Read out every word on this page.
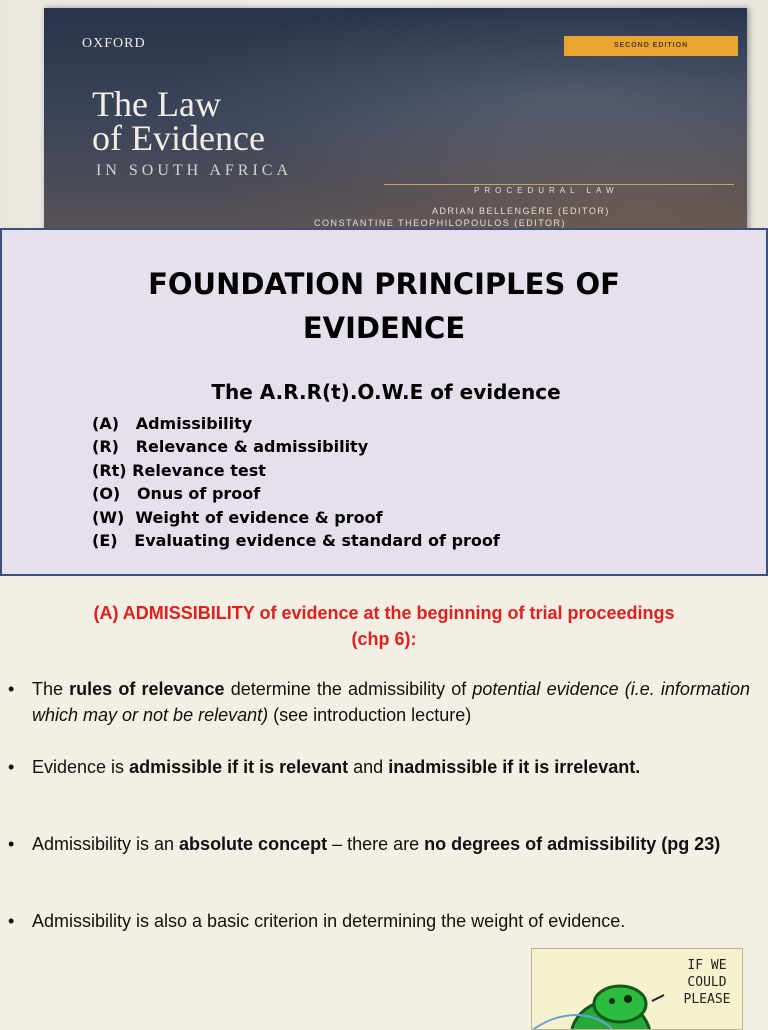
OXFORD	SECOND EDITION
The Law
of Evidence
IN SOUTH AFRICA
PROCEDURAL LAW
ADRIAN BELLENGÈRE (EDITOR)
CONSTANTINE THEOPHILOPOULOS (EDITOR)
FOUNDATION PRINCIPLES OF
EVIDENCE
The A.R.R(t).O.W.E of evidence
(A)   Admissibility
(R)   Relevance & admissibility
(Rt) Relevance test
(O)   Onus of proof
(W)  Weight of evidence & proof
(E)   Evaluating evidence & standard of proof
(A) ADMISSIBILITY of evidence at the beginning of trial proceedings
(chp 6):
• The rules of relevance determine the admissibility of potential evidence (i.e. information which may or not be relevant) (see introduction lecture)
• Evidence is admissible if it is relevant and inadmissible if it is irrelevant.
• Admissibility is an absolute concept – there are no degrees of admissibility (pg 23)
• Admissibility is also a basic criterion in determining the weight of evidence.
IF WE
COULD
PLEASE
